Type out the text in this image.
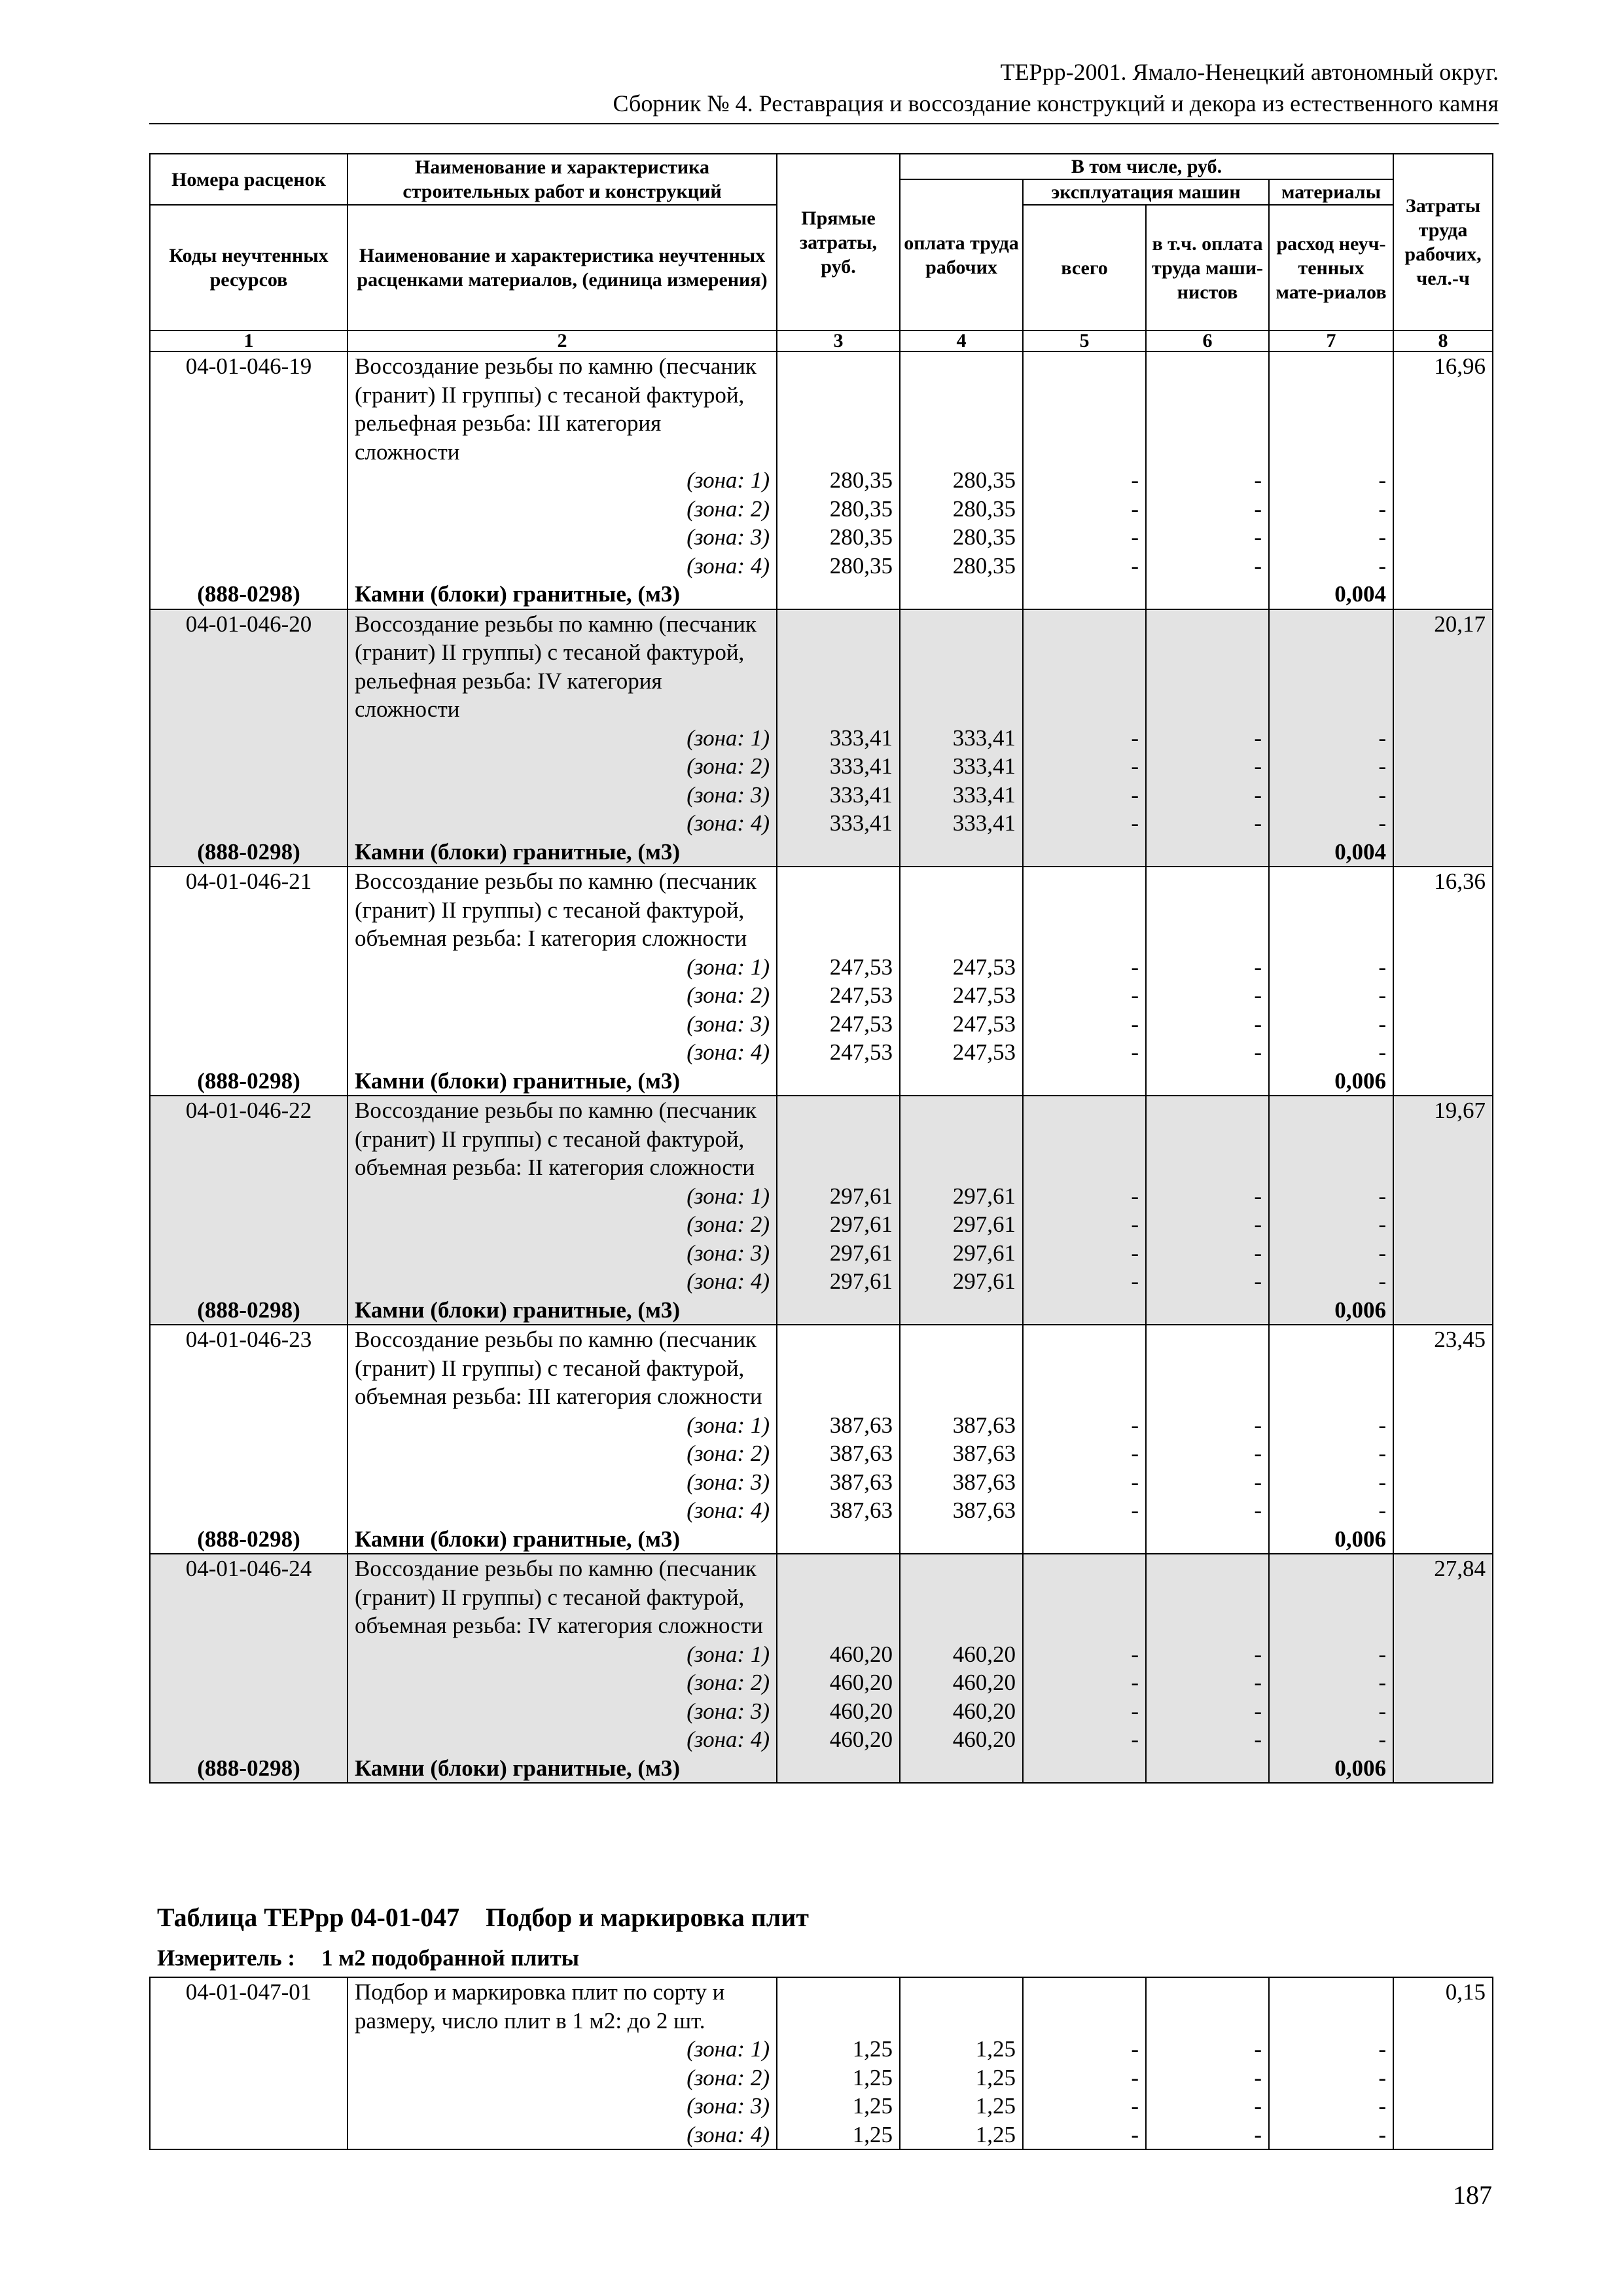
ТЕРрр-2001. Ямало-Ненецкий автономный округ.
Сборник № 4. Реставрация и воссоздание конструкций и декора из естественного камня
Номера расценок	Наименование и характеристика строительных работ и конструкций	Прямые затраты, руб.	В том числе, руб.				Затраты труда рабочих, чел.-ч
			оплата труда рабочих	эксплуатация машин		материалы	
Коды неучтенных ресурсов	Наименование и характеристика неучтенных расценками материалов, (единица измерения)			всего	в т.ч. оплата труда маши-нистов	расход неуч-тенных мате-риалов	
1	2	3	4	5	6	7	8
04-01-046-19	Воссоздание резьбы по камню (песчаник (гранит) II группы) с тесаной фактурой, рельефная резьба: III категория сложности						16,96
	(зона: 1)	280,35	280,35	-	-	-	
	(зона: 2)	280,35	280,35	-	-	-	
	(зона: 3)	280,35	280,35	-	-	-	
	(зона: 4)	280,35	280,35	-	-	-	
(888-0298)	Камни (блоки) гранитные, (м3)					0,004	
04-01-046-20	Воссоздание резьбы по камню (песчаник (гранит) II группы) с тесаной фактурой, рельефная резьба: IV категория сложности						20,17
	(зона: 1)	333,41	333,41	-	-	-	
	(зона: 2)	333,41	333,41	-	-	-	
	(зона: 3)	333,41	333,41	-	-	-	
	(зона: 4)	333,41	333,41	-	-	-	
(888-0298)	Камни (блоки) гранитные, (м3)					0,004	
04-01-046-21	Воссоздание резьбы по камню (песчаник (гранит) II группы) с тесаной фактурой, объемная резьба: I категория сложности						16,36
	(зона: 1)	247,53	247,53	-	-	-	
	(зона: 2)	247,53	247,53	-	-	-	
	(зона: 3)	247,53	247,53	-	-	-	
	(зона: 4)	247,53	247,53	-	-	-	
(888-0298)	Камни (блоки) гранитные, (м3)					0,006	
04-01-046-22	Воссоздание резьбы по камню (песчаник (гранит) II группы) с тесаной фактурой, объемная резьба: II категория сложности						19,67
	(зона: 1)	297,61	297,61	-	-	-	
	(зона: 2)	297,61	297,61	-	-	-	
	(зона: 3)	297,61	297,61	-	-	-	
	(зона: 4)	297,61	297,61	-	-	-	
(888-0298)	Камни (блоки) гранитные, (м3)					0,006	
04-01-046-23	Воссоздание резьбы по камню (песчаник (гранит) II группы) с тесаной фактурой, объемная резьба: III категория сложности						23,45
	(зона: 1)	387,63	387,63	-	-	-	
	(зона: 2)	387,63	387,63	-	-	-	
	(зона: 3)	387,63	387,63	-	-	-	
	(зона: 4)	387,63	387,63	-	-	-	
(888-0298)	Камни (блоки) гранитные, (м3)					0,006	
04-01-046-24	Воссоздание резьбы по камню (песчаник (гранит) II группы) с тесаной фактурой, объемная резьба: IV категория сложности						27,84
	(зона: 1)	460,20	460,20	-	-	-	
	(зона: 2)	460,20	460,20	-	-	-	
	(зона: 3)	460,20	460,20	-	-	-	
	(зона: 4)	460,20	460,20	-	-	-	
(888-0298)	Камни (блоки) гранитные, (м3)					0,006	
Таблица ТЕРрр 04-01-047    Подбор и маркировка плит
Измеритель : 1 м2 подобранной плиты
04-01-047-01	Подбор и маркировка плит по сорту и размеру, число плит в 1 м2: до 2 шт.						0,15
	(зона: 1)	1,25	1,25	-	-	-	
	(зона: 2)	1,25	1,25	-	-	-	
	(зона: 3)	1,25	1,25	-	-	-	
	(зона: 4)	1,25	1,25	-	-	-	
187
